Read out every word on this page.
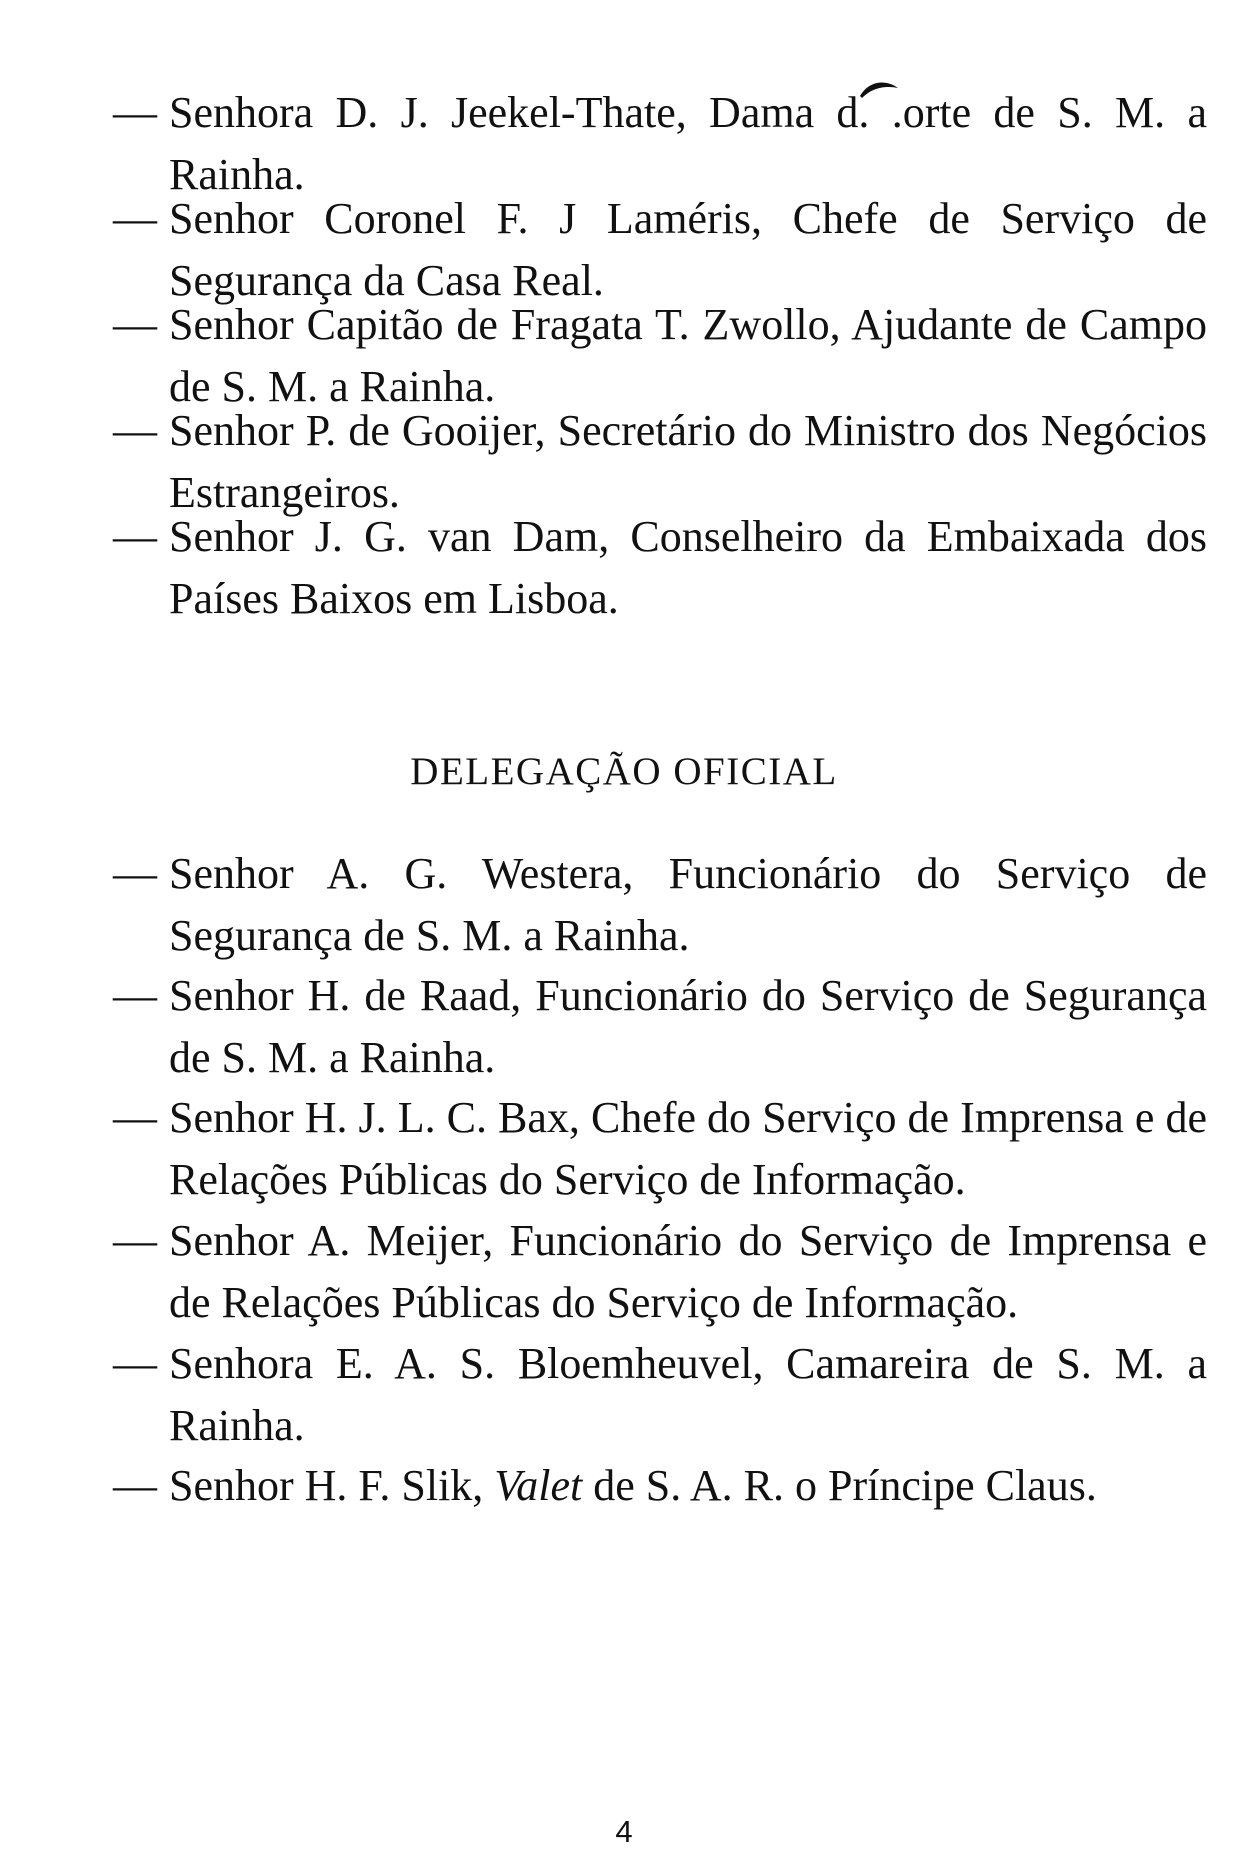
— Senhora D. J. Jeekel-Thate, Dama d. .orte de S. M. a Rainha.
— Senhor Coronel F. J Laméris, Chefe de Serviço de Segurança da Casa Real.
— Senhor Capitão de Fragata T. Zwollo, Ajudante de Campo de S. M. a Rainha.
— Senhor P. de Gooijer, Secretário do Ministro dos Negócios Estrangeiros.
— Senhor J. G. van Dam, Conselheiro da Embaixada dos Países Baixos em Lisboa.
DELEGAÇÃO OFICIAL
— Senhor A. G. Westera, Funcionário do Serviço de Segurança de S. M. a Rainha.
— Senhor H. de Raad, Funcionário do Serviço de Segurança de S. M. a Rainha.
— Senhor H. J. L. C. Bax, Chefe do Serviço de Imprensa e de Relações Públicas do Serviço de Informação.
— Senhor A. Meijer, Funcionário do Serviço de Imprensa e de Relações Públicas do Serviço de Informação.
— Senhora E. A. S. Bloemheuvel, Camareira de S. M. a Rainha.
— Senhor H. F. Slik, Valet de S. A. R. o Príncipe Claus.
4
